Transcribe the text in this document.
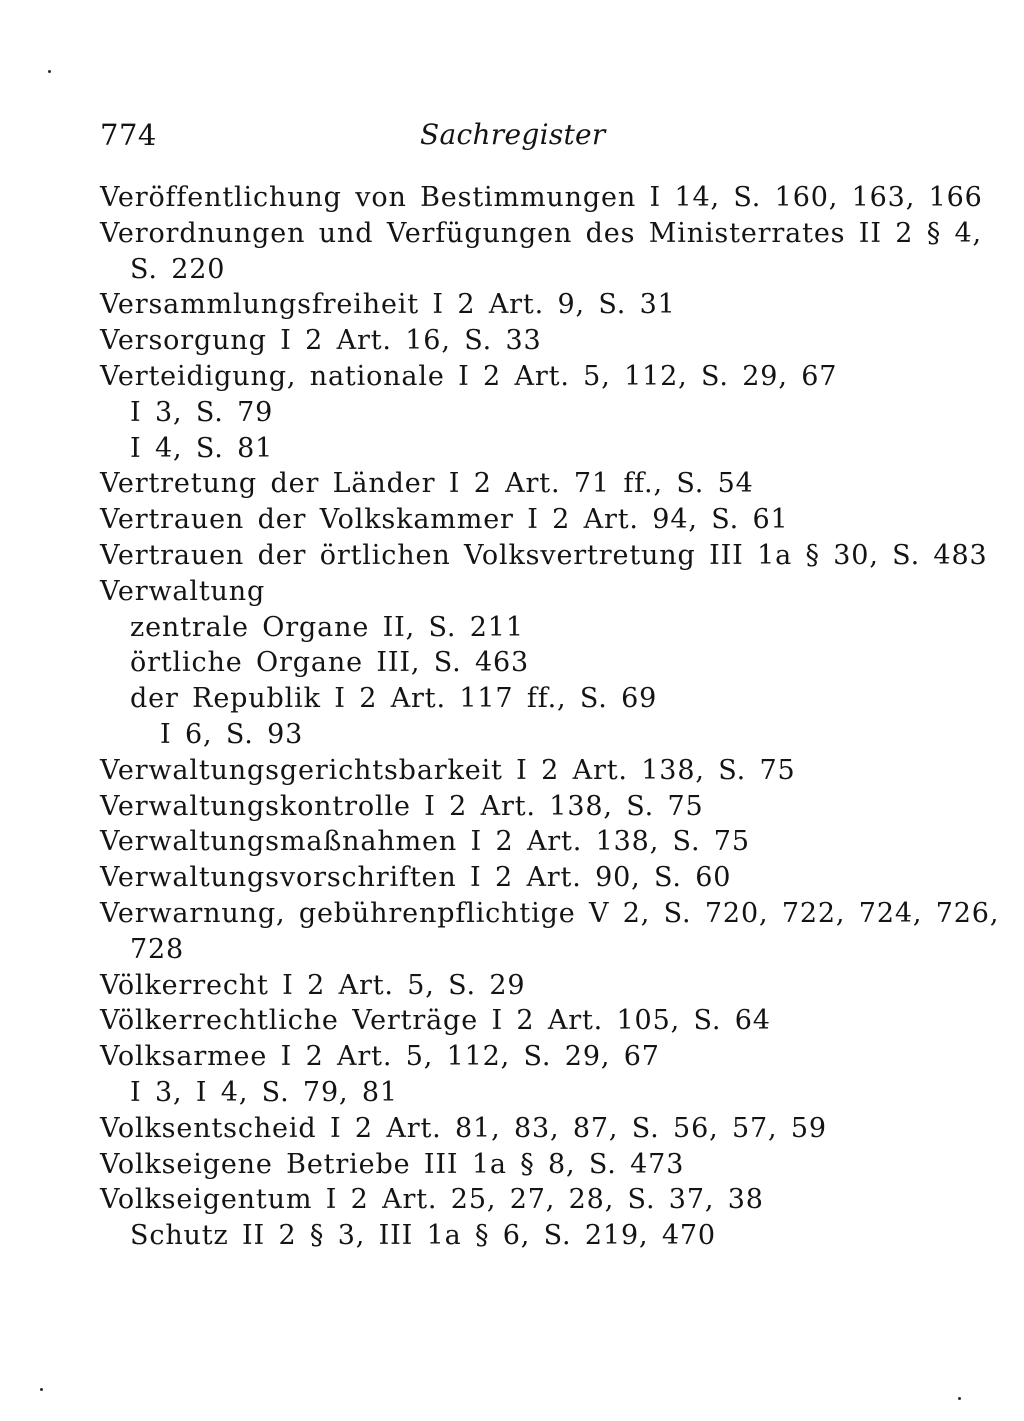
774	Sachregister
Veröffentlichung von Bestimmungen I 14, S. 160, 163, 166
Verordnungen und Verfügungen des Ministerrates II 2 § 4,
S. 220
Versammlungsfreiheit I 2 Art. 9, S. 31
Versorgung I 2 Art. 16, S. 33
Verteidigung, nationale I 2 Art. 5, 112, S. 29, 67
I 3, S. 79
I 4, S. 81
Vertretung der Länder I 2 Art. 71 ff., S. 54
Vertrauen der Volkskammer I 2 Art. 94, S. 61
Vertrauen der örtlichen Volksvertretung III 1a § 30, S. 483
Verwaltung
zentrale Organe II, S. 211
örtliche Organe III, S. 463
der Republik I 2 Art. 117 ff., S. 69
I 6, S. 93
Verwaltungsgerichtsbarkeit I 2 Art. 138, S. 75
Verwaltungskontrolle I 2 Art. 138, S. 75
Verwaltungsmaßnahmen I 2 Art. 138, S. 75
Verwaltungsvorschriften I 2 Art. 90, S. 60
Verwarnung, gebührenpflichtige V 2, S. 720, 722, 724, 726,
728
Völkerrecht I 2 Art. 5, S. 29
Völkerrechtliche Verträge I 2 Art. 105, S. 64
Volksarmee I 2 Art. 5, 112, S. 29, 67
I 3, I 4, S. 79, 81
Volksentscheid I 2 Art. 81, 83, 87, S. 56, 57, 59
Volkseigene Betriebe III 1a § 8, S. 473
Volkseigentum I 2 Art. 25, 27, 28, S. 37, 38
Schutz II 2 § 3, III 1a § 6, S. 219, 470
